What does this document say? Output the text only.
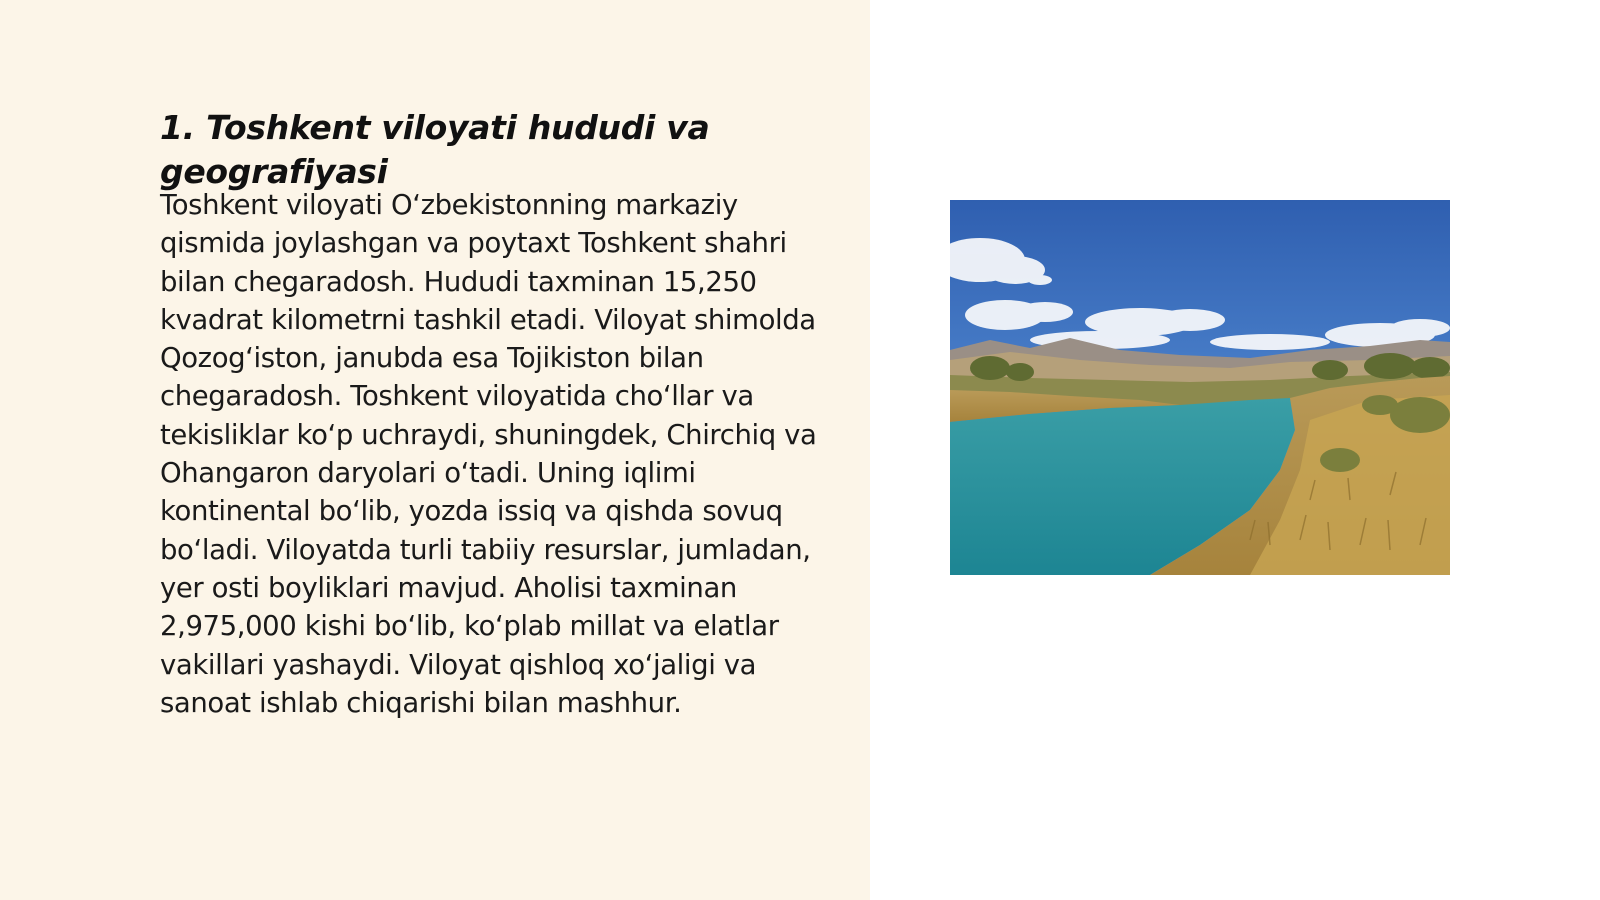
1. Toshkent viloyati hududi va geografiyasi

Toshkent viloyati O‘zbekistonning markaziy qismida joylashgan va poytaxt Toshkent shahri bilan chegaradosh. Hududi taxminan 15,250 kvadrat kilometrni tashkil etadi. Viloyat shimolda Qozog‘iston, janubda esa Tojikiston bilan chegaradosh. Toshkent viloyatida cho‘llar va tekisliklar ko‘p uchraydi, shuningdek, Chirchiq va Ohangaron daryolari o‘tadi. Uning iqlimi kontinental bo‘lib, yozda issiq va qishda sovuq bo‘ladi. Viloyatda turli tabiiy resurslar, jumladan, yer osti boyliklari mavjud. Aholisi taxminan 2,975,000 kishi bo‘lib, ko‘plab millat va elatlar vakillari yashaydi. Viloyat qishloq xo‘jaligi va sanoat ishlab chiqarishi bilan mashhur.
